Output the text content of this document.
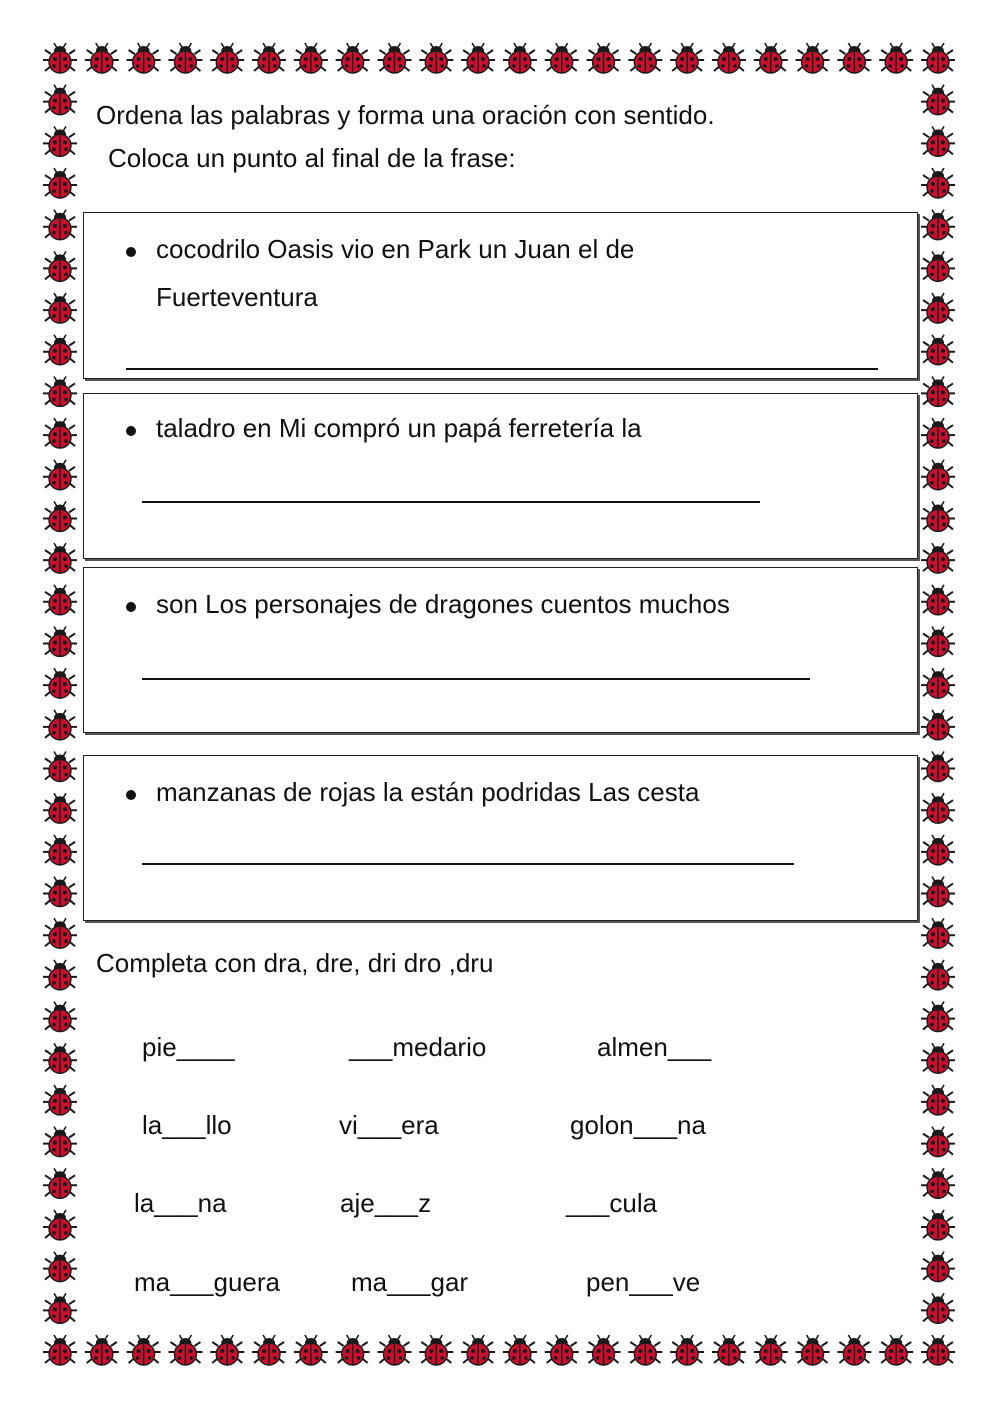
Ordena las palabras y forma una oración con sentido.
Coloca un punto al final de la frase:
cocodrilo Oasis vio en Park un Juan el de Fuerteventura
taladro en Mi compró un papá ferretería la
son Los personajes de dragones cuentos muchos
manzanas de rojas la están podridas Las cesta
Completa con dra, dre, dri dro ,dru
pie____	___medario	almen___
la___llo	vi___era	golon___na
la___na	aje___z	___cula
ma___guera	ma___gar	pen___ve
